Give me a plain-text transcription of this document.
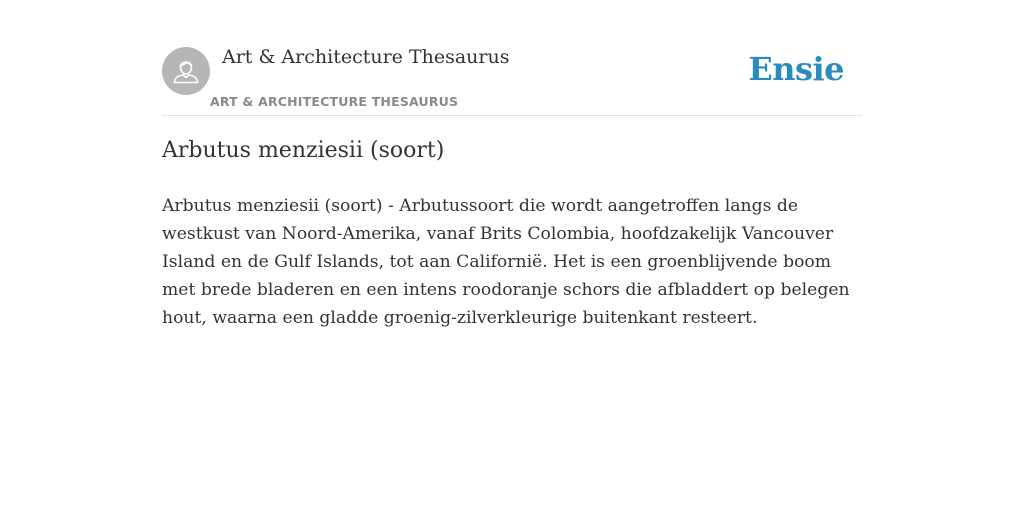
Art & Architecture Thesaurus
ART & ARCHITECTURE THESAURUS
Ensie
Arbutus menziesii (soort)

Arbutus menziesii (soort) - Arbutussoort die wordt aangetroffen langs de westkust van Noord-Amerika, vanaf Brits Colombia, hoofdzakelijk Vancouver Island en de Gulf Islands, tot aan Californië. Het is een groenblijvende boom met brede bladeren en een intens roodoranje schors die afbladdert op belegen hout, waarna een gladde groenig-zilverkleurige buitenkant resteert.
